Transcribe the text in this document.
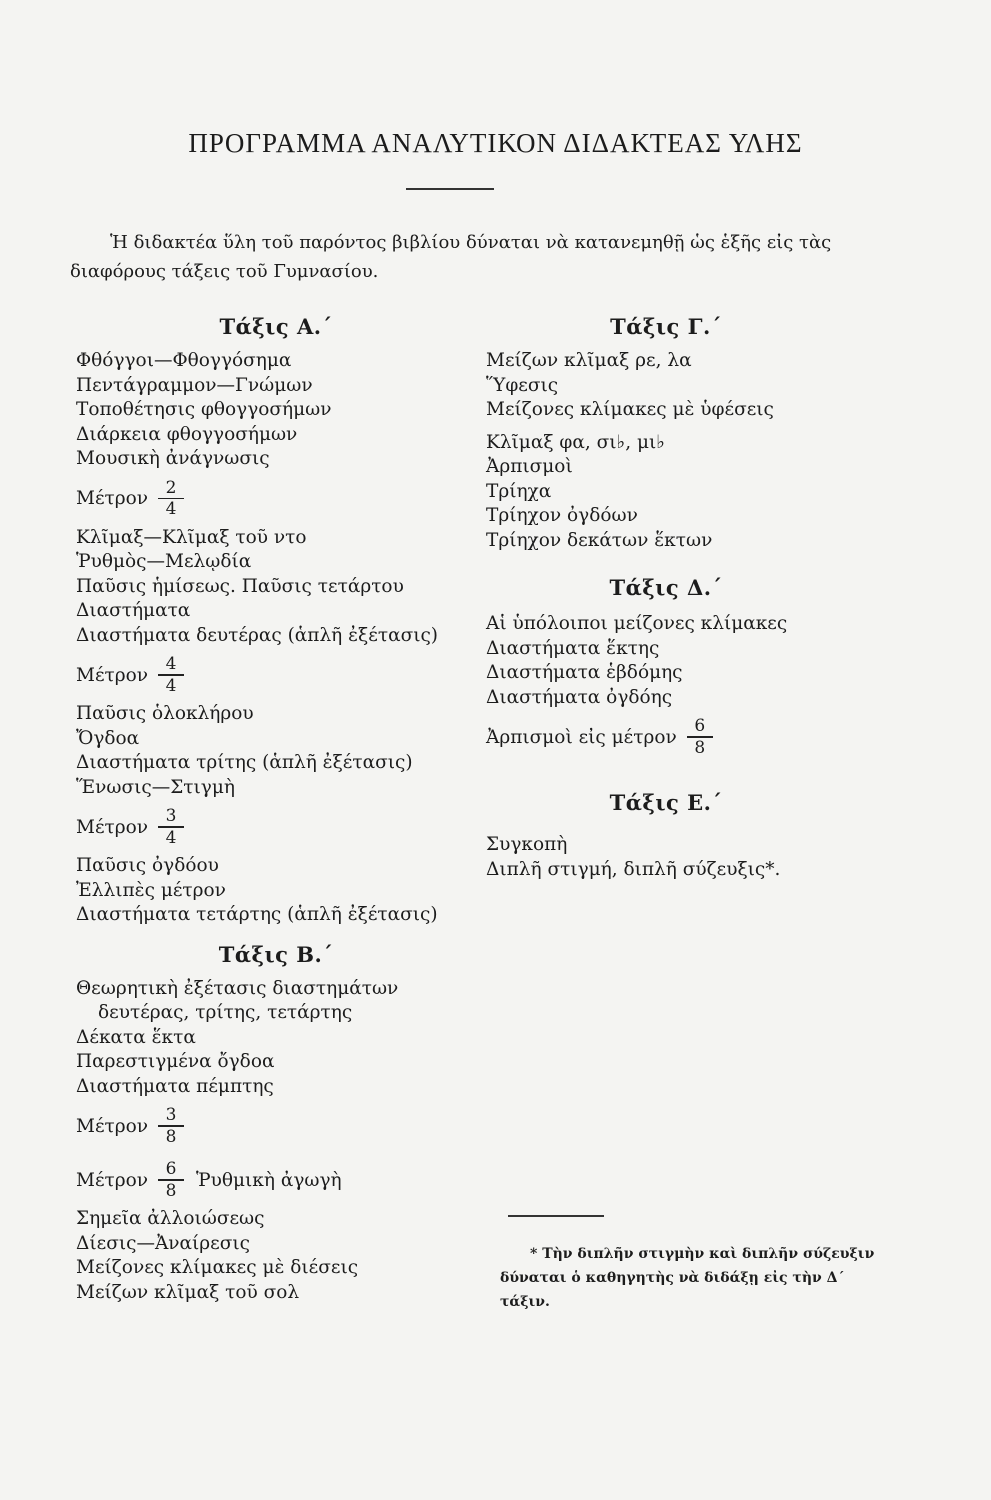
ΠΡΟΓΡΑΜΜΑ ΑΝΑΛΥΤΙΚΟΝ ΔΙΔΑΚΤΕΑΣ ΥΛΗΣ

Ἡ διδακτέα ὕλη τοῦ παρόντος βιβλίου δύναται νὰ κατανεμηθῇ ὡς ἑξῆς εἰς τὰς διαφόρους τάξεις τοῦ Γυμνασίου.

Τάξις Α.΄
Φθόγγοι—Φθογγόσημα
Πεντάγραμμον—Γνώμων
Τοποθέτησις φθογγοσήμων
Διάρκεια φθογγοσήμων
Μουσικὴ ἀνάγνωσις
Μέτρον $\frac{2}{4}$
Κλῖμαξ—Κλῖμαξ τοῦ ντο
Ῥυθμὸς—Μελῳδία
Παῦσις ἡμίσεως. Παῦσις τετάρτου
Διαστήματα
Διαστήματα δευτέρας (ἁπλῆ ἐξέτασις)
Μέτρον $\frac{4}{4}$
Παῦσις ὁλοκλήρου
Ὄγδοα
Διαστήματα τρίτης (ἁπλῆ ἐξέτασις)
Ἕνωσις—Στιγμὴ
Μέτρον $\frac{3}{4}$
Παῦσις ὀγδόου
Ἐλλιπὲς μέτρον
Διαστήματα τετάρτης (ἁπλῆ ἐξέτασις)
Τάξις Β.΄
Θεωρητικὴ ἐξέτασις διαστημάτων
δευτέρας, τρίτης, τετάρτης
Δέκατα ἕκτα
Παρεστιγμένα ὄγδοα
Διαστήματα πέμπτης
Μέτρον $\frac{3}{8}$
Μέτρον $\frac{6}{8}$ Ῥυθμικὴ ἀγωγὴ
Σημεῖα ἀλλοιώσεως
Δίεσις—Ἀναίρεσις
Μείζονες κλίμακες μὲ διέσεις
Μείζων κλῖμαξ τοῦ σολ
Τάξις Γ.΄
Μείζων κλῖμαξ ρε, λα
Ὕφεσις
Μείζονες κλίμακες μὲ ὑφέσεις
Κλῖμαξ φα, σι♭, μι♭
Ἀρπισμοὶ
Τρίηχα
Τρίηχον ὀγδόων
Τρίηχον δεκάτων ἕκτων
Τάξις Δ.΄
Αἱ ὑπόλοιποι μείζονες κλίμακες
Διαστήματα ἕκτης
Διαστήματα ἑβδόμης
Διαστήματα ὀγδόης
Ἀρπισμοὶ εἰς μέτρον $\frac{6}{8}$
Τάξις Ε.΄
Συγκοπὴ
Διπλῆ στιγμή, διπλῆ σύζευξις*.

* Τὴν διπλῆν στιγμὴν καὶ διπλῆν σύζευξιν δύναται ὁ καθηγητὴς νὰ διδάξῃ εἰς τὴν Δ΄ τάξιν.
